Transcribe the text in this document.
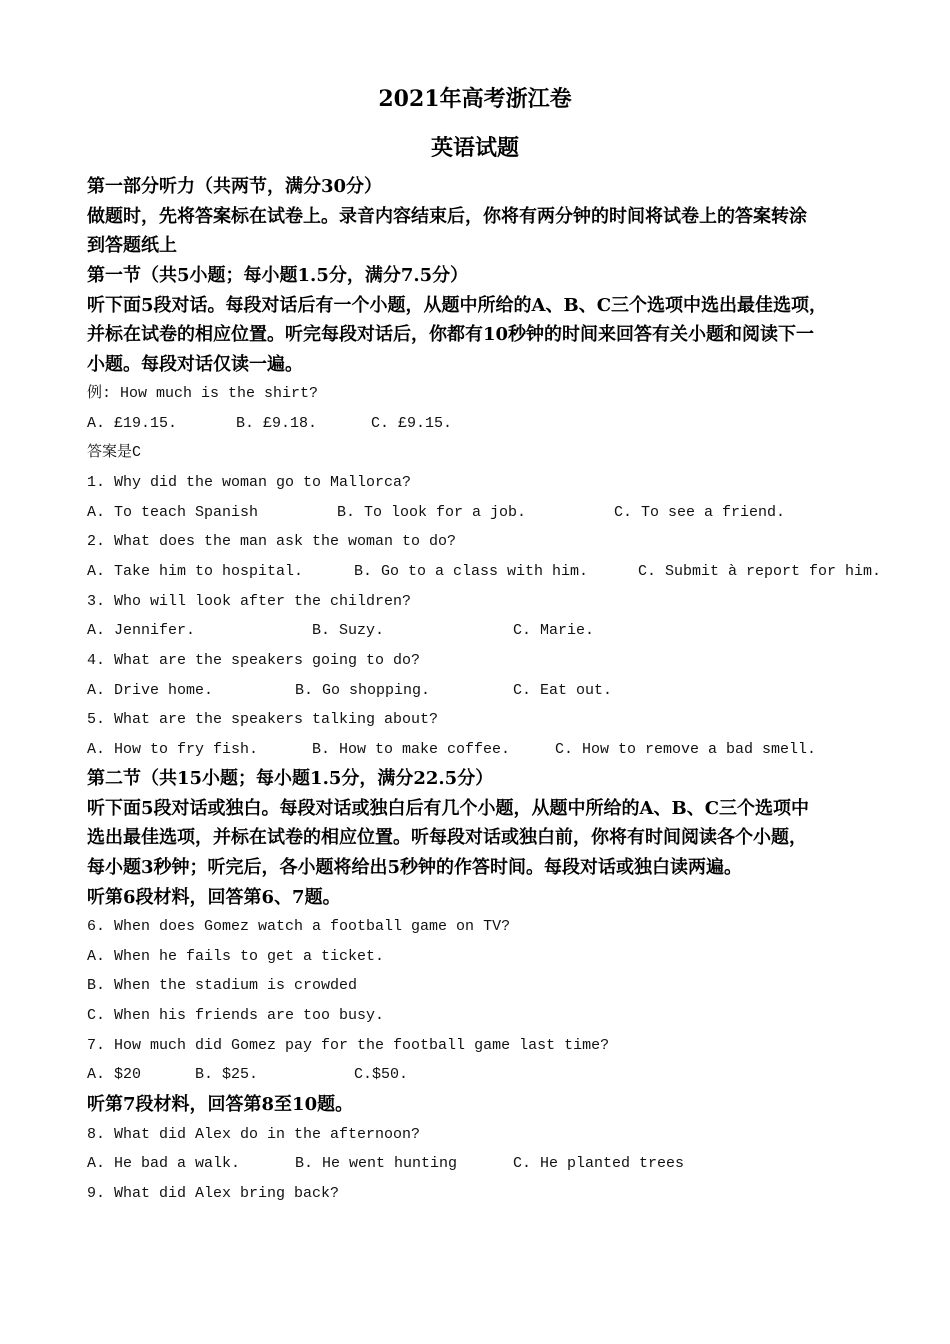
2021年高考浙江卷
英语试题
第一部分听力（共两节，满分30分）
做题时，先将答案标在试卷上。录音内容结束后，你将有两分钟的时间将试卷上的答案转涂
到答题纸上
第一节（共5小题；每小题1.5分，满分7.5分）
听下面5段对话。每段对话后有一个小题，从题中所给的A、B、C三个选项中选出最佳选项，
并标在试卷的相应位置。听完每段对话后，你都有10秒钟的时间来回答有关小题和阅读下一
小题。每段对话仅读一遍。
例: How much is the shirt?
A. £19.15.	B. £9.18.	C. £9.15.
答案是C
1. Why did the woman go to Mallorca?
A. To teach Spanish	B. To look for a job.	C. To see a friend.
2. What does the man ask the woman to do?
A. Take him to hospital.	B. Go to a class with him.	C. Submit à report for him.
3. Who will look after the children?
A. Jennifer.	B. Suzy.	C. Marie.
4. What are the speakers going to do?
A. Drive home.	B. Go shopping.	C. Eat out.
5. What are the speakers talking about?
A. How to fry fish.	B. How to make coffee.	C. How to remove a bad smell.
第二节（共15小题；每小题1.5分，满分22.5分）
听下面5段对话或独白。每段对话或独白后有几个小题，从题中所给的A、B、C三个选项中
选出最佳选项，并标在试卷的相应位置。听每段对话或独白前，你将有时间阅读各个小题，
每小题3秒钟；听完后，各小题将给出5秒钟的作答时间。每段对话或独白读两遍。
听第6段材料，回答第6、7题。
6. When does Gomez watch a football game on TV?
A. When he fails to get a ticket.
B. When the stadium is crowded
C. When his friends are too busy.
7. How much did Gomez pay for the football game last time?
A. $20	B. $25.	C.$50.
听第7段材料，回答第8至10题。
8. What did Alex do in the afternoon?
A. He bad a walk.	B. He went hunting	C. He planted trees
9. What did Alex bring back?
